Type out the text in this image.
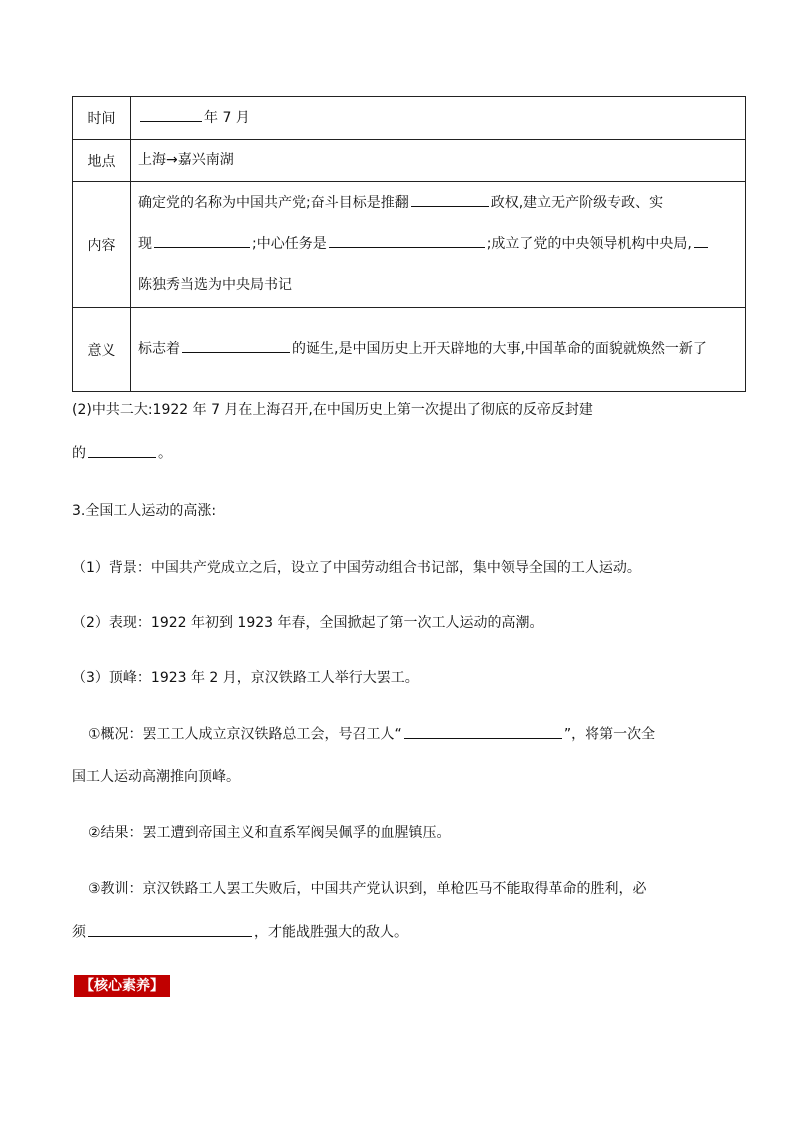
时间	年 7 月
地点	上海→嘉兴南湖
内容	确定党的名称为中国共产党;奋斗目标是推翻 政权,建立无产阶级专政、实
现 ;中心任务是 ;成立了党的中央领导机构中央局,
陈独秀当选为中央局书记
意义	标志着 的诞生,是中国历史上开天辟地的大事,中国革命的面貌就焕然一新了
(2)中共二大:1922 年 7 月在上海召开,在中国历史上第一次提出了彻底的反帝反封建
的	。
3.全国工人运动的高涨:
（1）背景：中国共产党成立之后，设立了中国劳动组合书记部，集中领导全国的工人运动。
（2）表现：1922 年初到 1923 年春，全国掀起了第一次工人运动的高潮。
（3）顶峰：1923 年 2 月，京汉铁路工人举行大罢工。
①概况：罢工工人成立京汉铁路总工会，号召工人“	”，将第一次全
国工人运动高潮推向顶峰。
②结果：罢工遭到帝国主义和直系军阀吴佩孚的血腥镇压。
③教训：京汉铁路工人罢工失败后，中国共产党认识到，单枪匹马不能取得革命的胜利，必
须	，才能战胜强大的敌人。
【核心素养】
